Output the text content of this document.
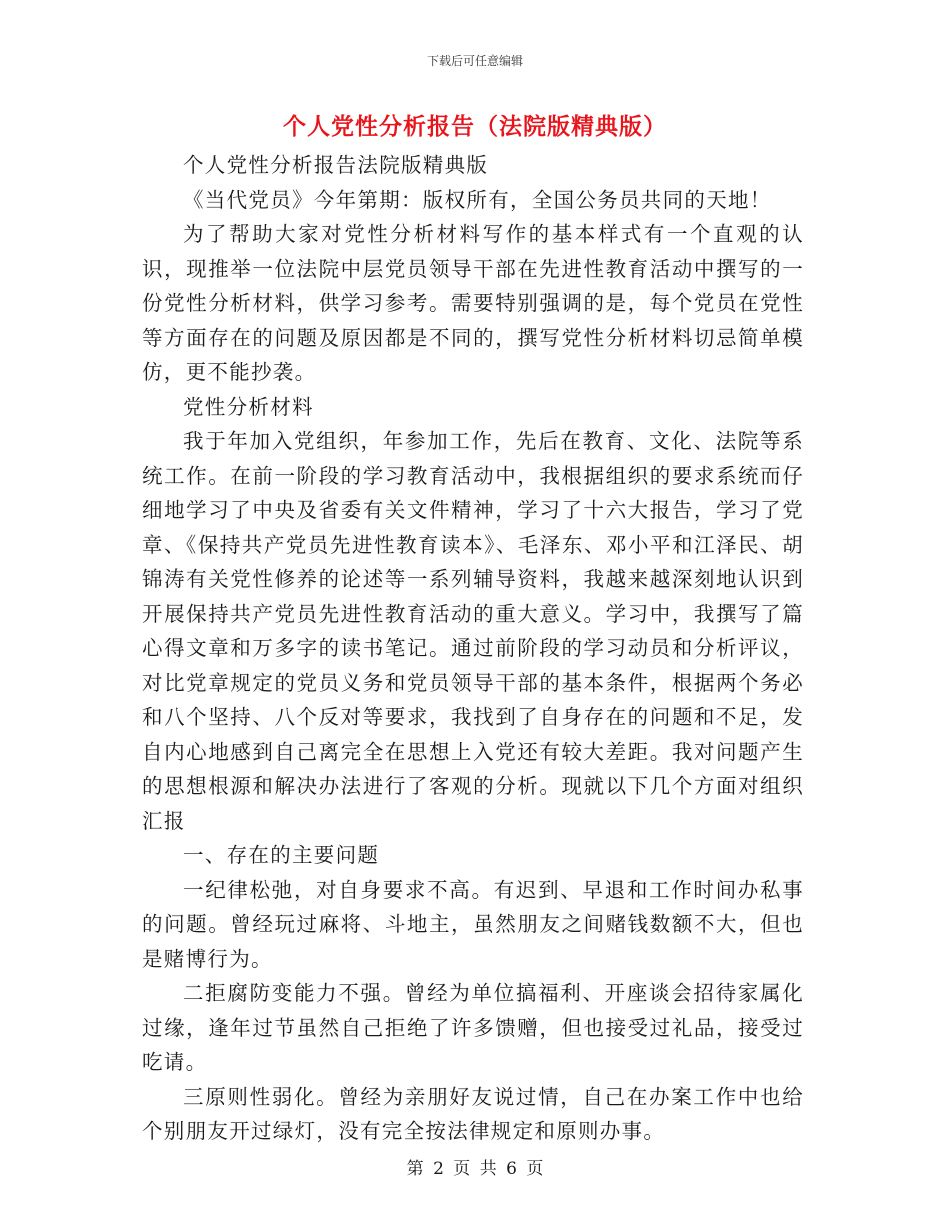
下载后可任意编辑
个人党性分析报告（法院版精典版）

个人党性分析报告法院版精典版

《当代党员》今年第期：版权所有，全国公务员共同的天地！

为了帮助大家对党性分析材料写作的基本样式有一个直观的认识，现推举一位法院中层党员领导干部在先进性教育活动中撰写的一份党性分析材料，供学习参考。需要特别强调的是，每个党员在党性等方面存在的问题及原因都是不同的，撰写党性分析材料切忌简单模仿，更不能抄袭。

党性分析材料

我于年加入党组织，年参加工作，先后在教育、文化、法院等系统工作。在前一阶段的学习教育活动中，我根据组织的要求系统而仔细地学习了中央及省委有关文件精神，学习了十六大报告，学习了党章、《保持共产党员先进性教育读本》、毛泽东、邓小平和江泽民、胡锦涛有关党性修养的论述等一系列辅导资料，我越来越深刻地认识到开展保持共产党员先进性教育活动的重大意义。学习中，我撰写了篇心得文章和万多字的读书笔记。通过前阶段的学习动员和分析评议，对比党章规定的党员义务和党员领导干部的基本条件，根据两个务必和八个坚持、八个反对等要求，我找到了自身存在的问题和不足，发自内心地感到自己离完全在思想上入党还有较大差距。我对问题产生的思想根源和解决办法进行了客观的分析。现就以下几个方面对组织汇报

一、存在的主要问题

一纪律松弛，对自身要求不高。有迟到、早退和工作时间办私事的问题。曾经玩过麻将、斗地主，虽然朋友之间赌钱数额不大，但也是赌博行为。

二拒腐防变能力不强。曾经为单位搞福利、开座谈会招待家属化过缘，逢年过节虽然自己拒绝了许多馈赠，但也接受过礼品，接受过吃请。

三原则性弱化。曾经为亲朋好友说过情，自己在办案工作中也给个别朋友开过绿灯，没有完全按法律规定和原则办事。

第 2 页 共 6 页
